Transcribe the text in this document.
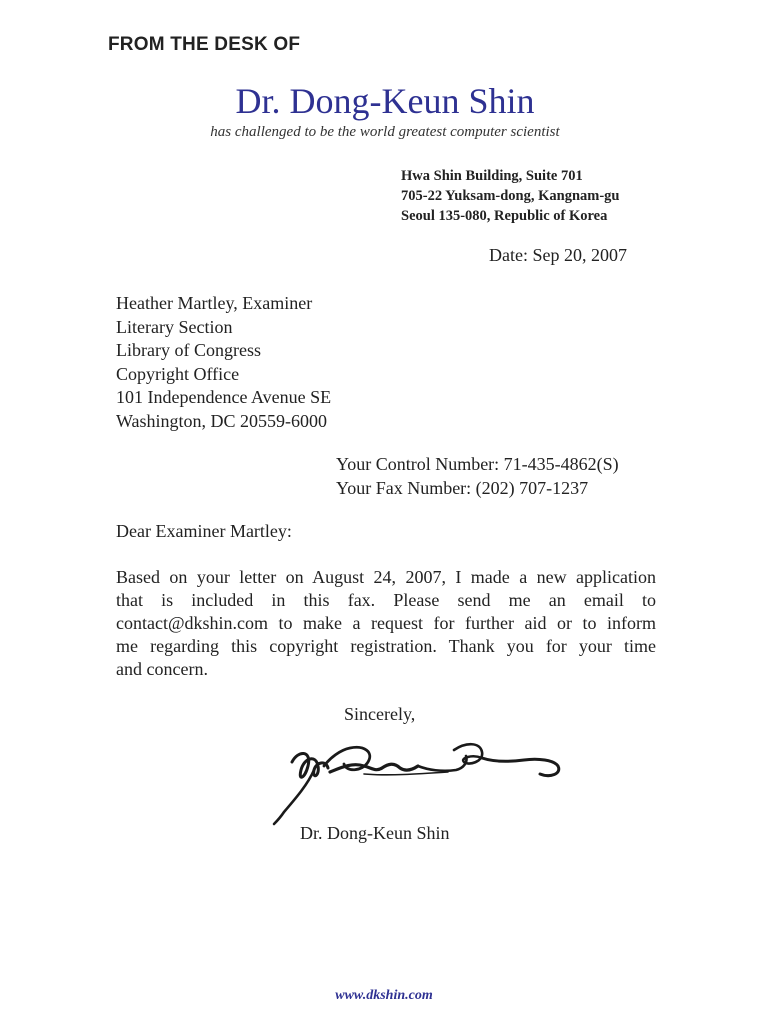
FROM THE DESK OF
Dr. Dong-Keun Shin
has challenged to be the world greatest computer scientist
Hwa Shin Building, Suite 701
705-22 Yuksam-dong, Kangnam-gu
Seoul 135-080, Republic of Korea
Date: Sep 20, 2007
Heather Martley, Examiner
Literary Section
Library of Congress
Copyright Office
101 Independence Avenue SE
Washington, DC 20559-6000
Your Control Number: 71-435-4862(S)
Your Fax Number: (202) 707-1237
Dear Examiner Martley:
Based on your letter on August 24, 2007, I made a new application
that is included in this fax. Please send me an email to
contact@dkshin.com to make a request for further aid or to inform
me regarding this copyright registration. Thank you for your time
and concern.
Sincerely,
Dr. Dong-Keun Shin
www.dkshin.com
